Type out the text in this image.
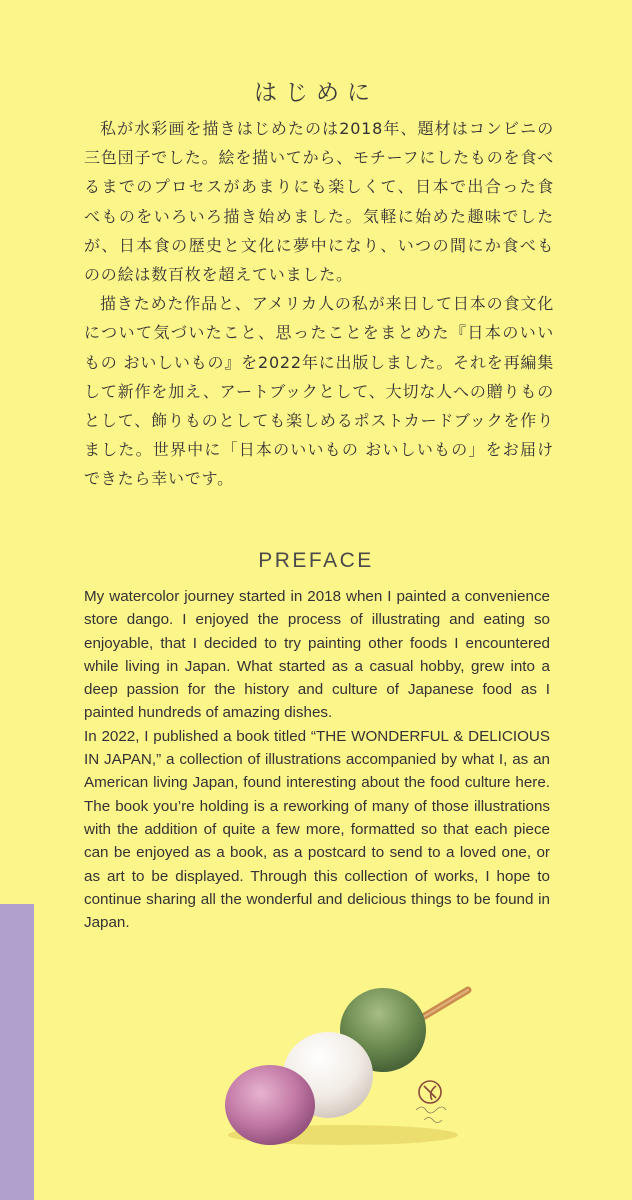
はじめに

私が水彩画を描きはじめたのは2018年、題材はコンビニの三色団子でした。絵を描いてから、モチーフにしたものを食べるまでのプロセスがあまりにも楽しくて、日本で出合った食べものをいろいろ描き始めました。気軽に始めた趣味でしたが、日本食の歴史と文化に夢中になり、いつの間にか食べものの絵は数百枚を超えていました。

描きためた作品と、アメリカ人の私が来日して日本の食文化について気づいたこと、思ったことをまとめた『日本のいいもの おいしいもの』を2022年に出版しました。それを再編集して新作を加え、アートブックとして、大切な人への贈りものとして、飾りものとしても楽しめるポストカードブックを作りました。世界中に「日本のいいもの おいしいもの」をお届けできたら幸いです。

PREFACE

My watercolor journey started in 2018 when I painted a convenience store dango. I enjoyed the process of illustrating and eating so enjoyable, that I decided to try painting other foods I encountered while living in Japan. What started as a casual hobby, grew into a deep passion for the history and culture of Japanese food as I painted hundreds of amazing dishes.

In 2022, I published a book titled “THE WONDERFUL & DELICIOUS IN JAPAN,” a collection of illustrations accompanied by what I, as an American living Japan, found interesting about the food culture here. The book you’re holding is a reworking of many of those illustrations with the addition of quite a few more, formatted so that each piece can be enjoyed as a book, as a postcard to send to a loved one, or as art to be displayed. Through this collection of works, I hope to continue sharing all the wonderful and delicious things to be found in Japan.
